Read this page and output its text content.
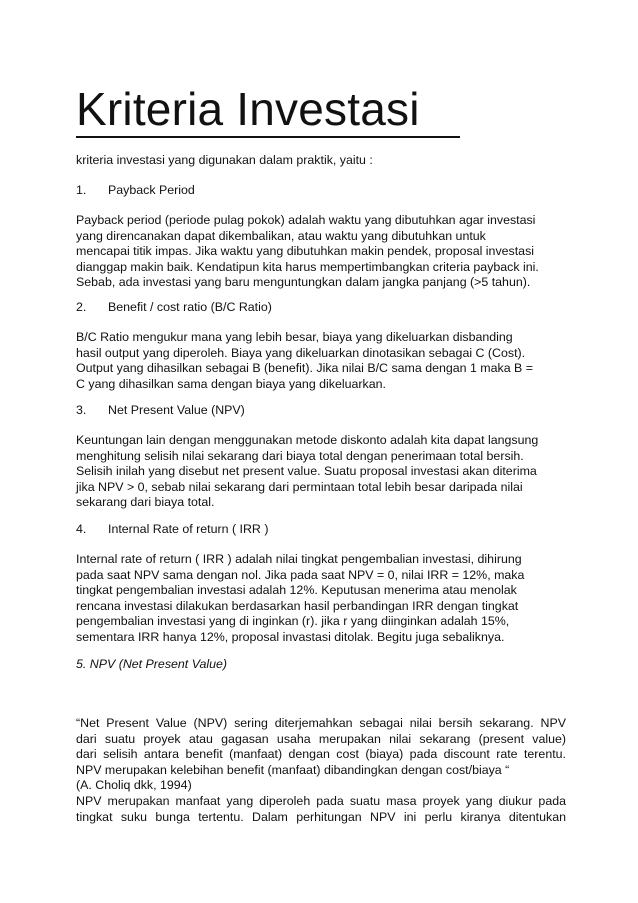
Kriteria Investasi

kriteria investasi yang digunakan dalam praktik, yaitu :

1. Payback Period

Payback period (periode pulag pokok) adalah waktu yang dibutuhkan agar investasi
yang direncanakan dapat dikembalikan, atau waktu yang dibutuhkan untuk
mencapai titik impas. Jika waktu yang dibutuhkan makin pendek, proposal investasi
dianggap makin baik. Kendatipun kita harus mempertimbangkan criteria payback ini.
Sebab, ada investasi yang baru menguntungkan dalam jangka panjang (>5 tahun).

2. Benefit / cost ratio (B/C Ratio)

B/C Ratio mengukur mana yang lebih besar, biaya yang dikeluarkan disbanding
hasil output yang diperoleh. Biaya yang dikeluarkan dinotasikan sebagai C (Cost).
Output yang dihasilkan sebagai B (benefit). Jika nilai B/C sama dengan 1 maka B =
C yang dihasilkan sama dengan biaya yang dikeluarkan.

3. Net Present Value (NPV)

Keuntungan lain dengan menggunakan metode diskonto adalah kita dapat langsung
menghitung selisih nilai sekarang dari biaya total dengan penerimaan total bersih.
Selisih inilah yang disebut net present value. Suatu proposal investasi akan diterima
jika NPV > 0, sebab nilai sekarang dari permintaan total lebih besar daripada nilai
sekarang dari biaya total.

4. Internal Rate of return ( IRR )

Internal rate of return ( IRR ) adalah nilai tingkat pengembalian investasi, dihirung
pada saat NPV sama dengan nol. Jika pada saat NPV = 0, nilai IRR = 12%, maka
tingkat pengembalian investasi adalah 12%. Keputusan menerima atau menolak
rencana investasi dilakukan berdasarkan hasil perbandingan IRR dengan tingkat
pengembalian investasi yang di inginkan (r). jika r yang diinginkan adalah 15%,
sementara IRR hanya 12%, proposal invastasi ditolak. Begitu juga sebaliknya.

5. NPV (Net Present Value)

“Net Present Value (NPV) sering diterjemahkan sebagai nilai bersih sekarang. NPV
dari suatu proyek atau gagasan usaha merupakan nilai sekarang (present value)
dari selisih antara benefit (manfaat) dengan cost (biaya) pada discount rate terentu.
NPV merupakan kelebihan benefit (manfaat) dibandingkan dengan cost/biaya “
(A. Choliq dkk, 1994)
NPV merupakan manfaat yang diperoleh pada suatu masa proyek yang diukur pada
tingkat suku bunga tertentu. Dalam perhitungan NPV ini perlu kiranya ditentukan
